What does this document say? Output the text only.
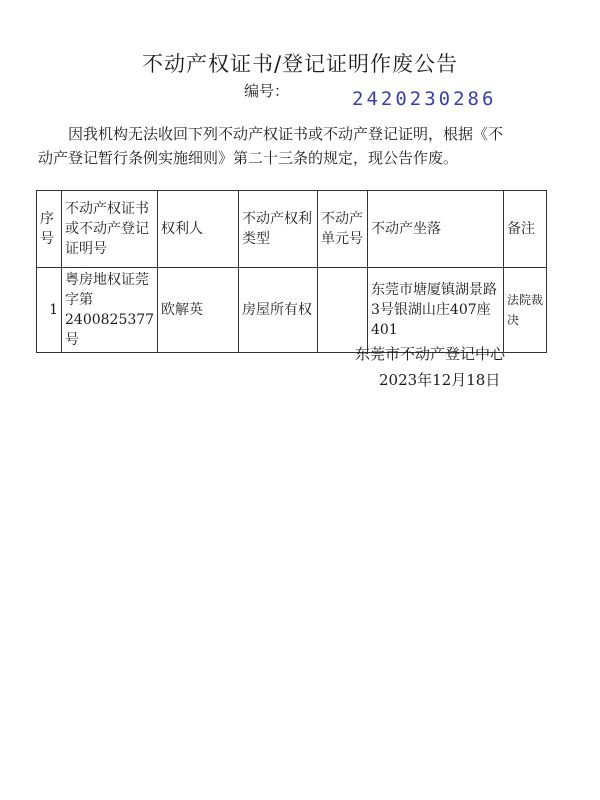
不动产权证书/登记证明作废公告
编号：	2420230286

因我机构无法收回下列不动产权证书或不动产登记证明，根据《不

动产登记暂行条例实施细则》第二十三条的规定，现公告作废。

序号	不动产权证书或不动产登记证明号	权利人	不动产权利类型	不动产单元号	不动产坐落	备注
1	粤房地权证莞字第2400825377号	欧解英	房屋所有权		东莞市塘厦镇湖景路3号银湖山庄407座401	法院裁决
东莞市不动产登记中心
2023年12月18日
